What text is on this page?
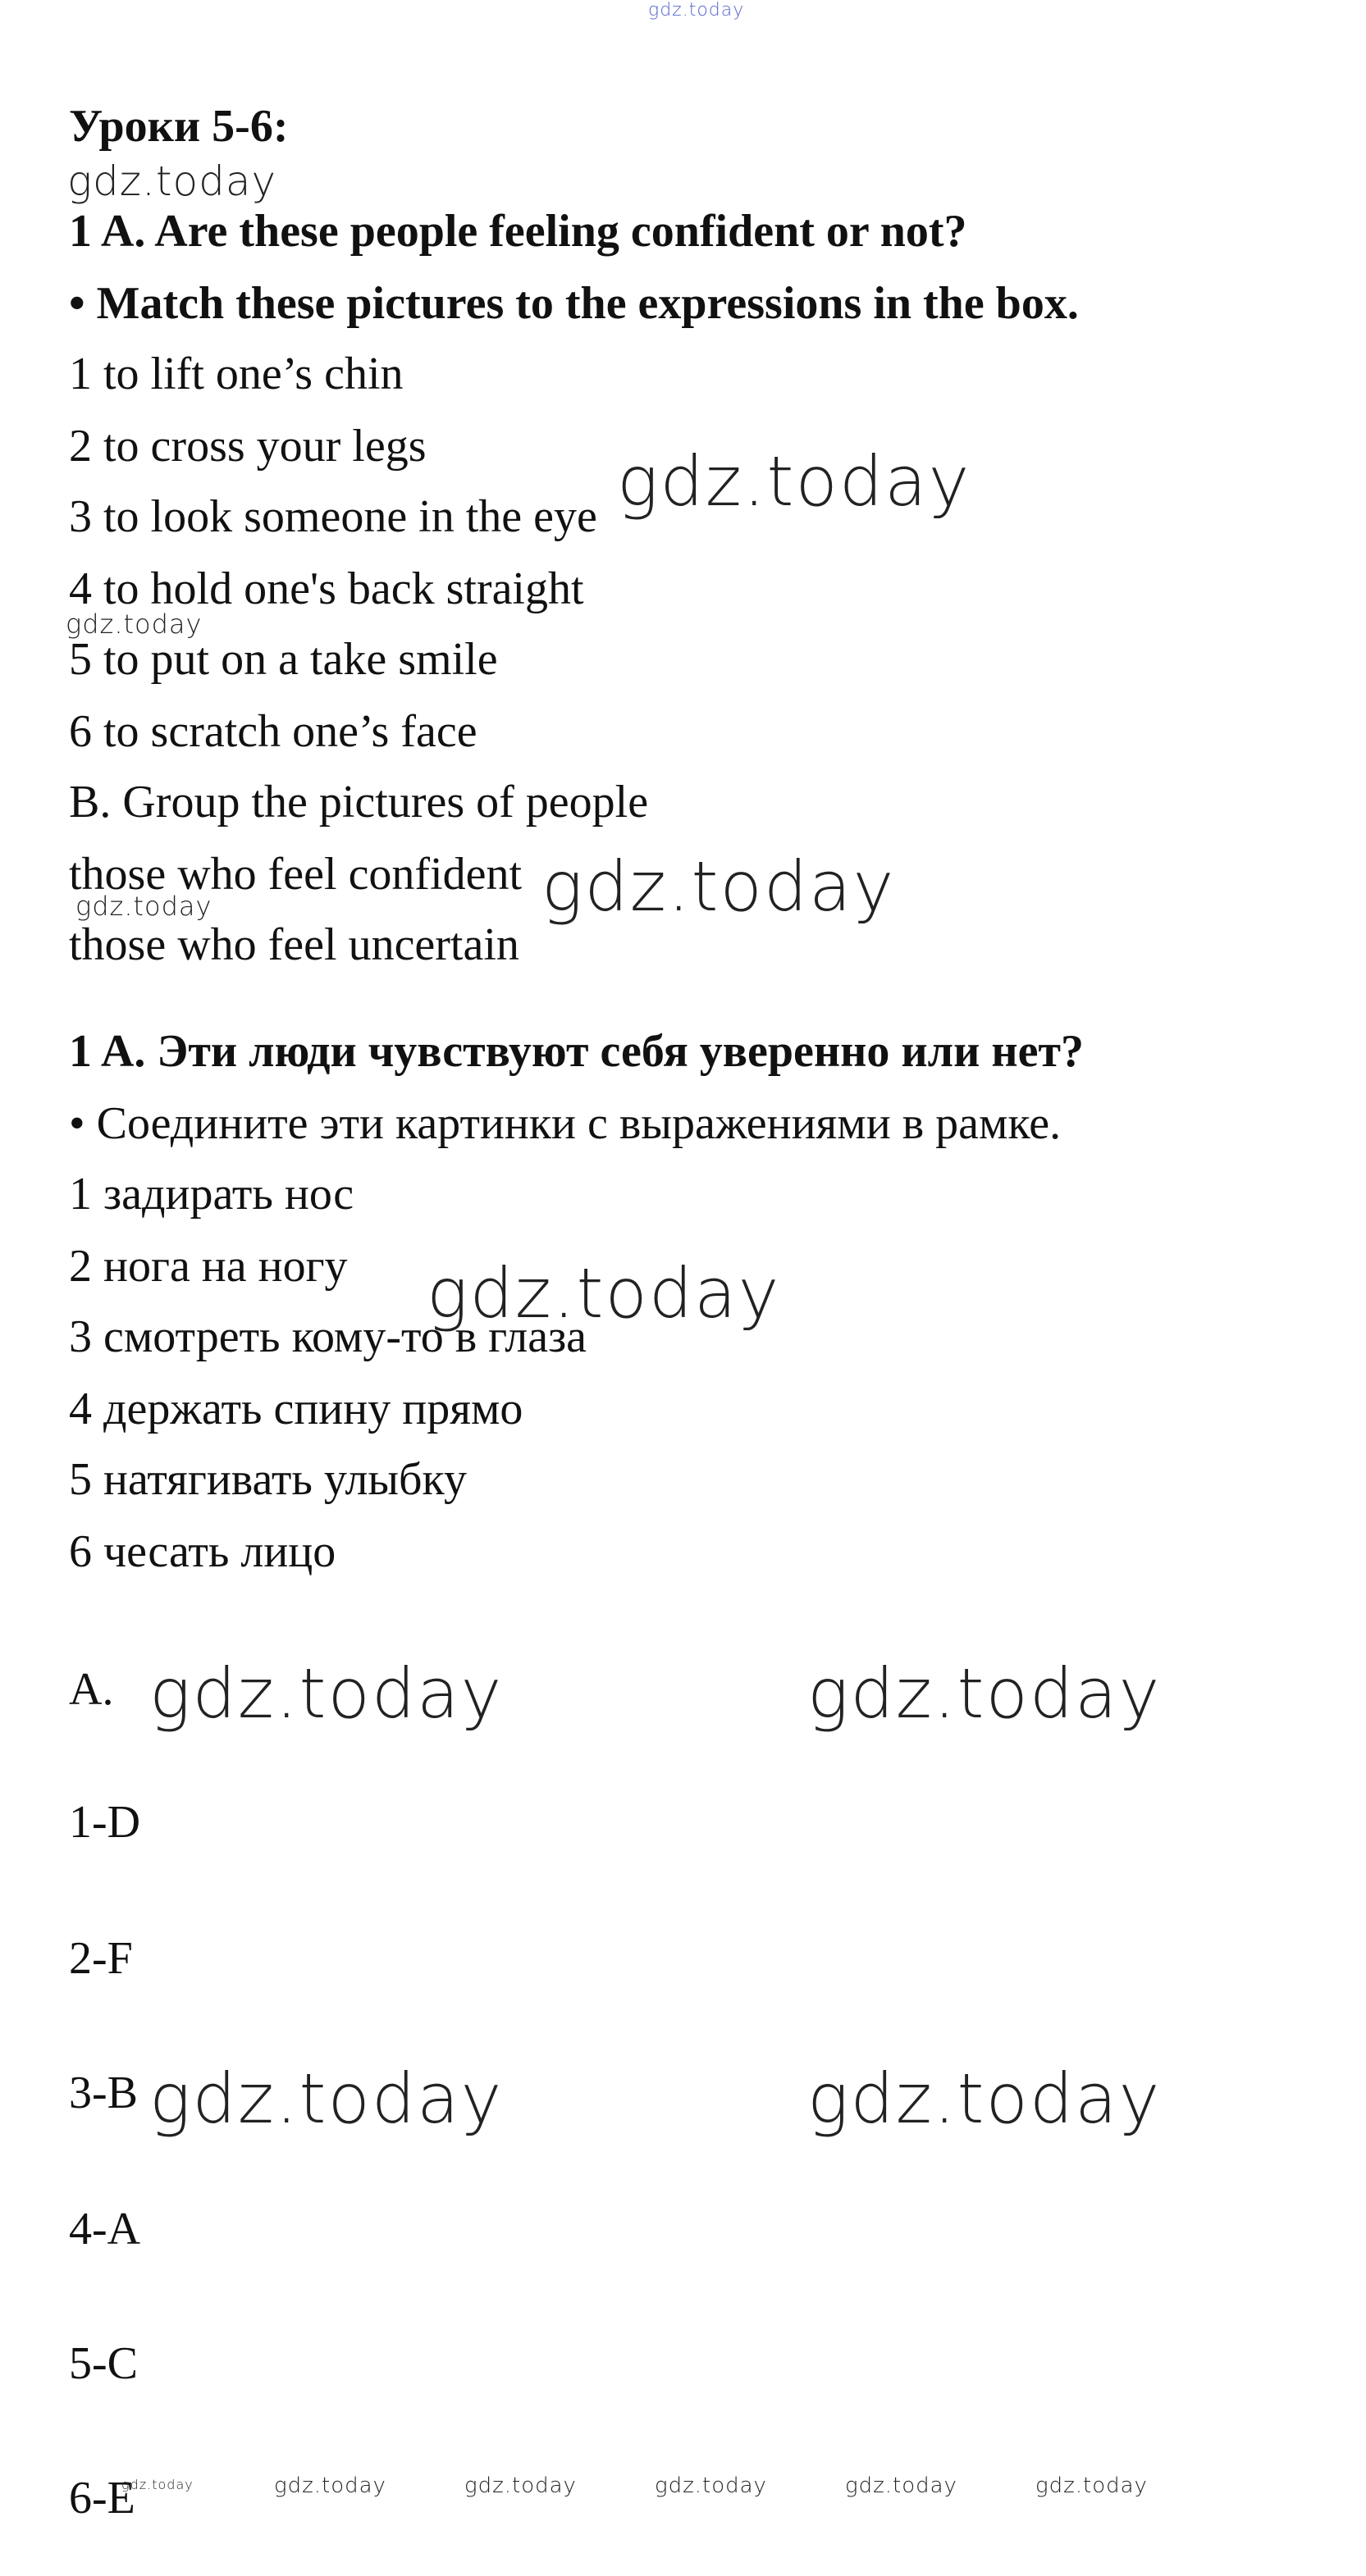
gdz.today
Уроки 5-6:
gdz.today
1 A. Are these people feeling confident or not?
• Match these pictures to the expressions in the box.
1 to lift one’s chin
2 to cross your legs
3 to look someone in the eye gdz.today
4 to hold one's back straight
gdz.today
5 to put on a take smile
6 to scratch one’s face
B. Group the pictures of people
those who feel confident gdz.today
gdz.today
those who feel uncertain
1 A. Эти люди чувствуют себя уверенно или нет?
• Соедините эти картинки с выражениями в рамке.
1 задирать нос
2 нога на ногу gdz.today
3 смотреть кому-то в глаза
4 держать спину прямо
5 натягивать улыбку
6 чесать лицо
A. gdz.today	gdz.today
1-D
2-F
3-B gdz.today	gdz.today
4-A
5-C
6-E
gdz.today	gdz.today	gdz.today	gdz.today	gdz.today	gdz.today
